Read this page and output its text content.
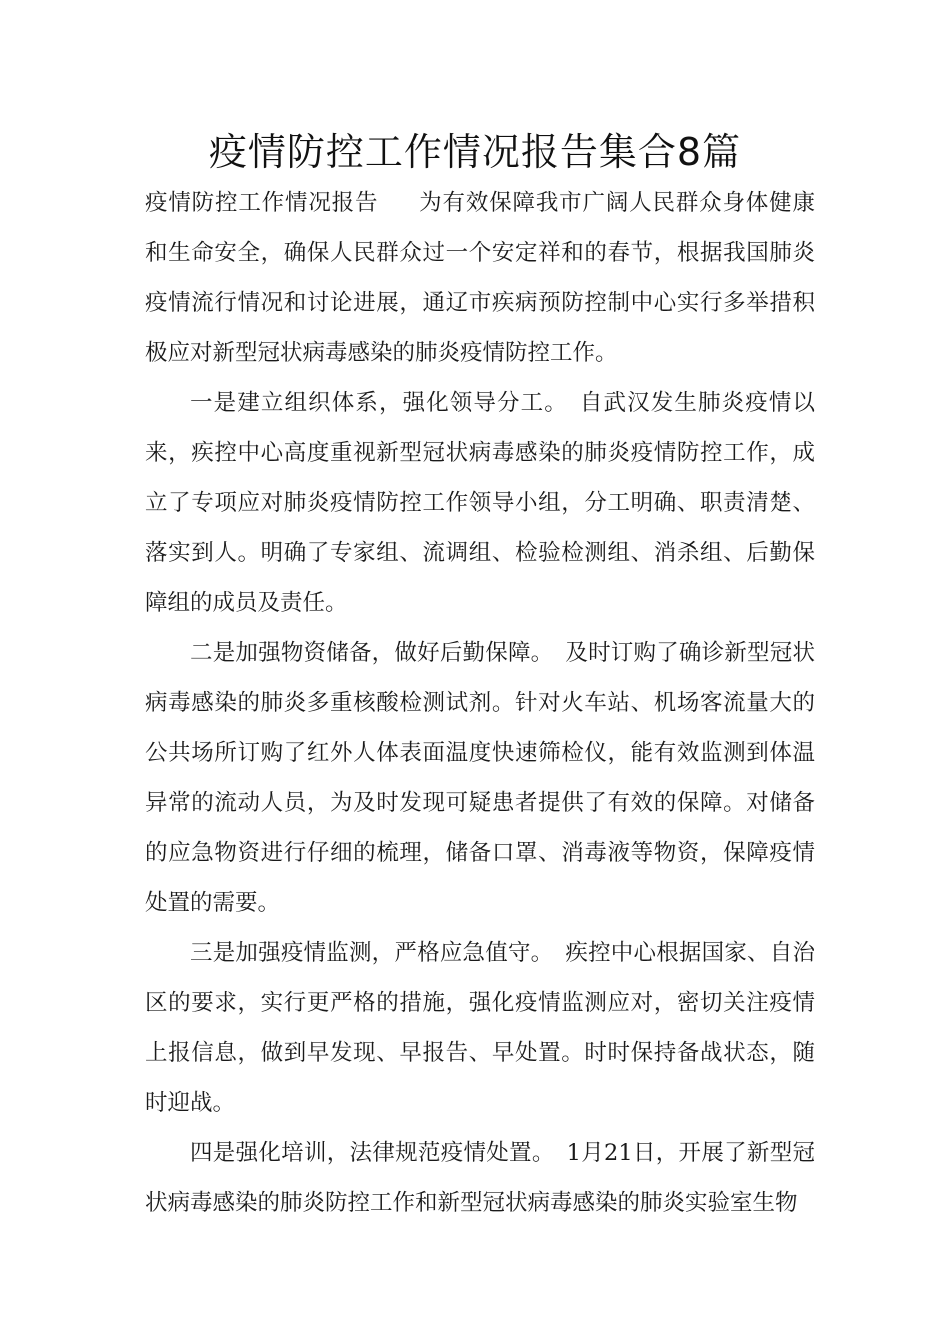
疫情防控工作情况报告集合8篇

疫情防控工作情况报告 为有效保障我市广阔人民群众身体健康和生命安全，确保人民群众过一个安定祥和的春节，根据我国肺炎疫情流行情况和讨论进展，通辽市疾病预防控制中心实行多举措积极应对新型冠状病毒感染的肺炎疫情防控工作。

一是建立组织体系，强化领导分工。 自武汉发生肺炎疫情以来，疾控中心高度重视新型冠状病毒感染的肺炎疫情防控工作，成立了专项应对肺炎疫情防控工作领导小组，分工明确、职责清楚、落实到人。明确了专家组、流调组、检验检测组、消杀组、后勤保障组的成员及责任。

二是加强物资储备，做好后勤保障。 及时订购了确诊新型冠状病毒感染的肺炎多重核酸检测试剂。针对火车站、机场客流量大的公共场所订购了红外人体表面温度快速筛检仪，能有效监测到体温异常的流动人员，为及时发现可疑患者提供了有效的保障。对储备的应急物资进行仔细的梳理，储备口罩、消毒液等物资，保障疫情处置的需要。

三是加强疫情监测，严格应急值守。 疾控中心根据国家、自治区的要求，实行更严格的措施，强化疫情监测应对，密切关注疫情上报信息，做到早发现、早报告、早处置。时时保持备战状态，随时迎战。

四是强化培训，法律规范疫情处置。 1月21日，开展了新型冠状病毒感染的肺炎防控工作和新型冠状病毒感染的肺炎实验室生物
